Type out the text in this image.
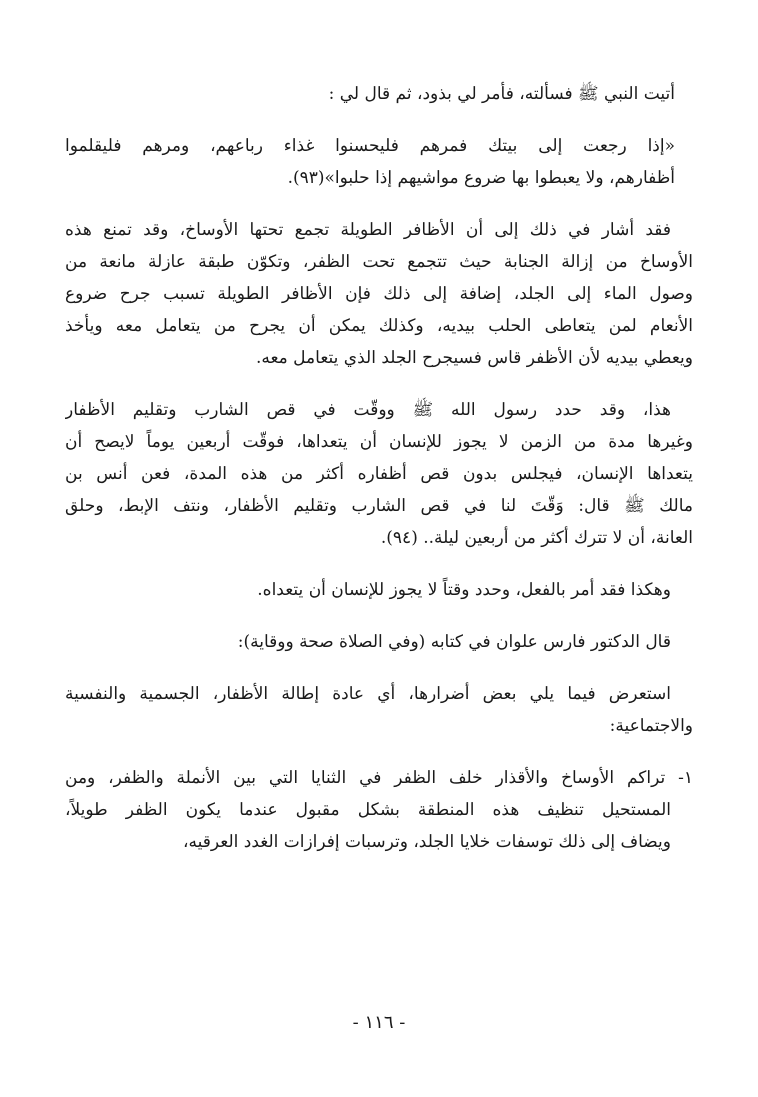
أتيت النبي ﷺ فسألته، فأمر لي بذود، ثم قال لي :
«إذا رجعت إلى بيتك فمرهم فليحسنوا غذاء رباعهم، ومرهم فليقلموا
أظفارهم، ولا يعبطوا بها ضروع مواشيهم إذا حلبوا»(٩٣).
فقد أشار في ذلك إلى أن الأظافر الطويلة تجمع تحتها الأوساخ، وقد تمنع هذه
الأوساخ من إزالة الجنابة حيث تتجمع تحت الظفر، وتكوّن طبقة عازلة مانعة من
وصول الماء إلى الجلد، إضافة إلى ذلك فإن الأظافر الطويلة تسبب جرح ضروع
الأنعام لمن يتعاطى الحلب بيديه، وكذلك يمكن أن يجرح من يتعامل معه ويأخذ
ويعطي بيديه لأن الأظفر قاس فسيجرح الجلد الذي يتعامل معه.
هذا، وقد حدد رسول الله ﷺ ووقّت في قص الشارب وتقليم الأظفار
وغيرها مدة من الزمن لا يجوز للإنسان أن يتعداها، فوقّت أربعين يوماً لايصح أن
يتعداها الإنسان، فيجلس بدون قص أظفاره أكثر من هذه المدة، فعن أنس بن
مالك ﷺ قال: وَقّتَ لنا في قص الشارب وتقليم الأظفار، ونتف الإبط، وحلق
العانة، أن لا تترك أكثر من أربعين ليلة.. (٩٤).
وهكذا فقد أمر بالفعل، وحدد وقتاً لا يجوز للإنسان أن يتعداه.
قال الدكتور فارس علوان في كتابه (وفي الصلاة صحة ووقاية):
استعرض فيما يلي بعض أضرارها، أي عادة إطالة الأظفار، الجسمية والنفسية
والاجتماعية:
١- تراكم الأوساخ والأقذار خلف الظفر في الثنايا التي بين الأنملة والظفر، ومن
المستحيل تنظيف هذه المنطقة بشكل مقبول عندما يكون الظفر طويلاً،
ويضاف إلى ذلك توسفات خلايا الجلد، وترسبات إفرازات الغدد العرقيه،
- ١١٦ -
